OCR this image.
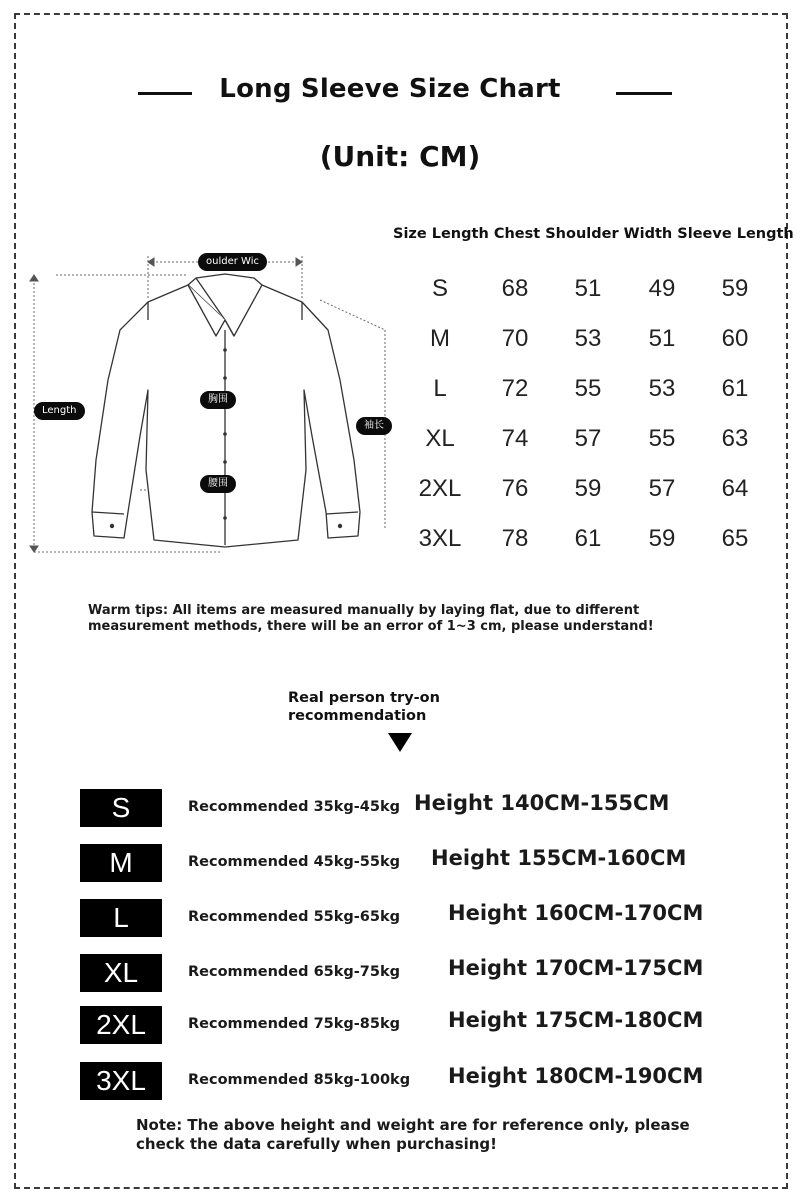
Long Sleeve Size Chart
(Unit: CM)
oulder Wic
Length
胸围
腰围
袖长
Size Length Chest Shoulder Width Sleeve Length
S	68	51	49	59
M	70	53	51	60
L	72	55	53	61
XL	74	57	55	63
2XL	76	59	57	64
3XL	78	61	59	65
Warm tips: All items are measured manually by laying flat, due to different measurement methods, there will be an error of 1~3 cm, please understand!
Real person try-on recommendation
S	Recommended 35kg-45kg Height 140CM-155CM
M	Recommended 45kg-55kg Height 155CM-160CM
L	Recommended 55kg-65kg Height 160CM-170CM
XL	Recommended 65kg-75kg Height 170CM-175CM
2XL	Recommended 75kg-85kg Height 175CM-180CM
3XL	Recommended 85kg-100kg Height 180CM-190CM
Note: The above height and weight are for reference only, please check the data carefully when purchasing!
